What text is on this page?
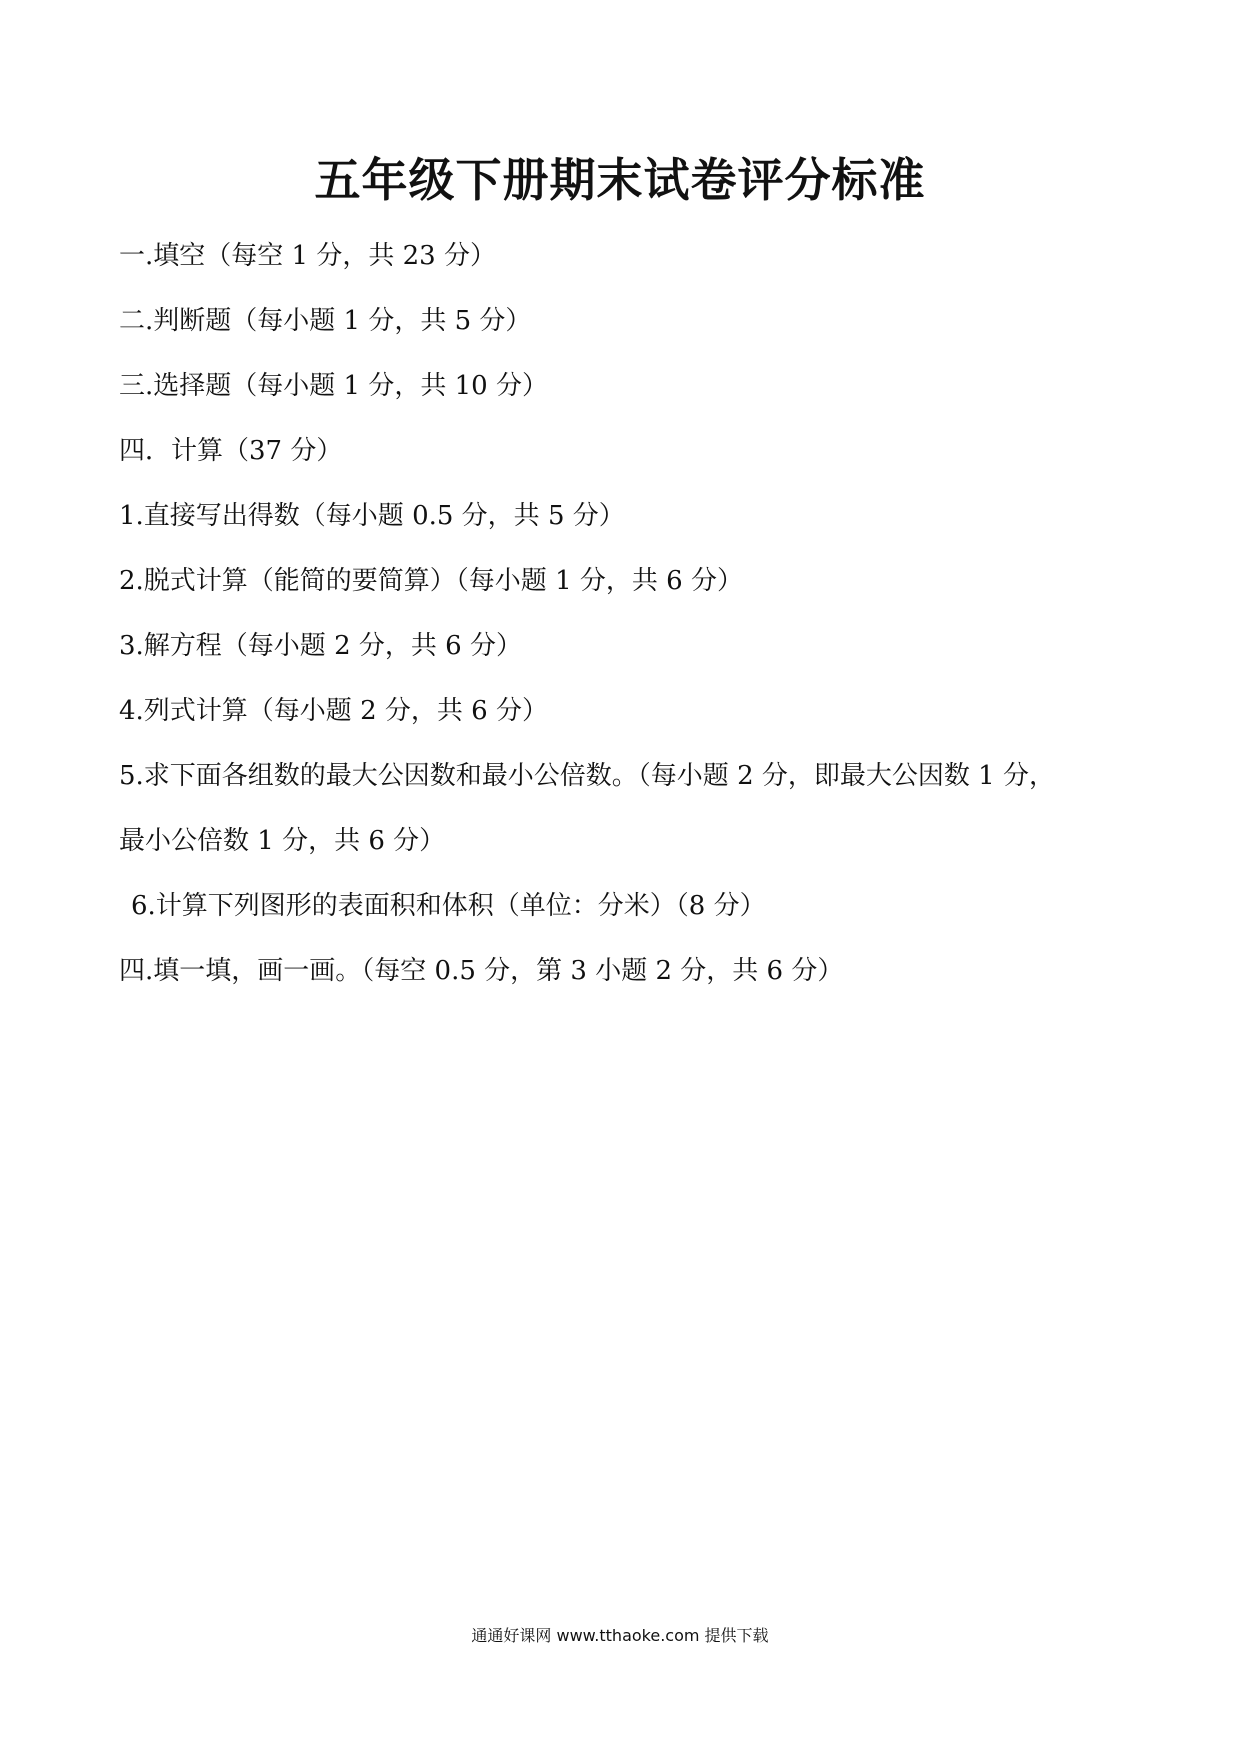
五年级下册期末试卷评分标准
一.填空（每空 1 分，共 23 分）
二.判断题（每小题 1 分，共 5 分）
三.选择题（每小题 1 分，共 10 分）
四．计算（37 分）
1.直接写出得数（每小题 0.5 分，共 5 分）
2.脱式计算（能简的要简算）（每小题 1 分，共 6 分）
3.解方程（每小题 2 分，共 6 分）
4.列式计算（每小题 2 分，共 6 分）
5.求下面各组数的最大公因数和最小公倍数。（每小题 2 分，即最大公因数 1 分，
最小公倍数 1 分，共 6 分）
6.计算下列图形的表面积和体积（单位：分米）（8 分）
四.填一填，画一画。（每空 0.5 分，第 3 小题 2 分，共 6 分）
通通好课网 www.tthaoke.com 提供下载
